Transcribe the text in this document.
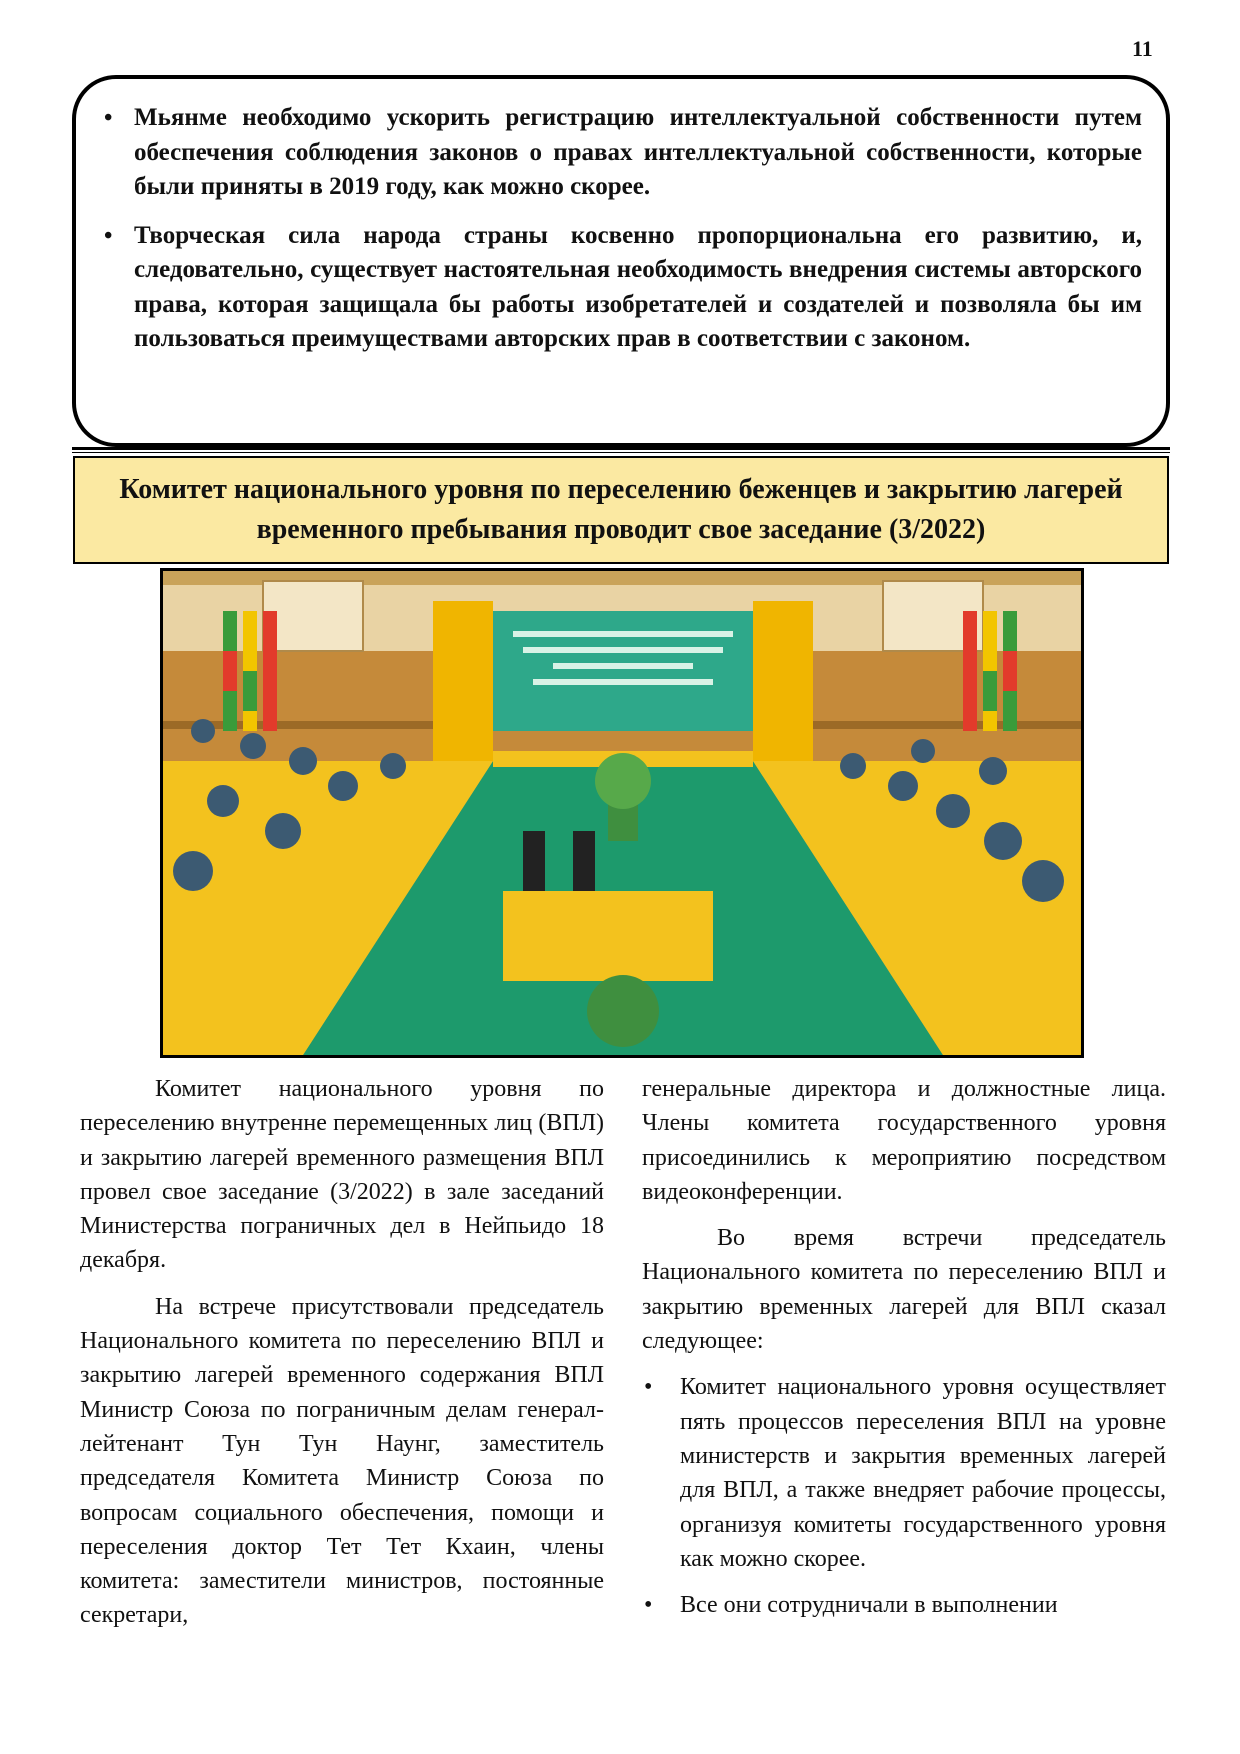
11
• Мьянме необходимо ускорить регистрацию интеллектуальной собственности путем обеспечения соблюдения законов о правах интеллектуальной собственности, которые были приняты в 2019 году, как можно скорее.
• Творческая сила народа страны косвенно пропорциональна его развитию, и, следовательно, существует настоятельная необходимость внедрения системы авторского права, которая защищала бы работы изобретателей и создателей и позволяла бы им пользоваться преимуществами авторских прав в соответствии с законом.
Комитет национального уровня по переселению беженцев и закрытию лагерей временного пребывания проводит свое заседание (3/2022)

Комитет национального уровня по переселению внутренне перемещенных лиц (ВПЛ) и закрытию лагерей временного размещения ВПЛ провел свое заседание (3/2022) в зале заседаний Министерства пограничных дел в Нейпьидо 18 декабря.

На встрече присутствовали председатель Национального комитета по переселению ВПЛ и закрытию лагерей временного содержания ВПЛ Министр Союза по пограничным делам генерал-лейтенант Тун Тун Наунг, заместитель председателя Комитета Министр Союза по вопросам социального обеспечения, помощи и переселения доктор Тет Тет Кхаин, члены комитета: заместители министров, постоянные секретари,

генеральные директора и должностные лица. Члены комитета государственного уровня присоединились к мероприятию посредством видеоконференции.

Во время встречи председатель Национального комитета по переселению ВПЛ и закрытию временных лагерей для ВПЛ сказал следующее:

• Комитет национального уровня осуществляет пять процессов переселения ВПЛ на уровне министерств и закрытия временных лагерей для ВПЛ, а также внедряет рабочие процессы, организуя комитеты государственного уровня как можно скорее.
• Все они сотрудничали в выполнении
